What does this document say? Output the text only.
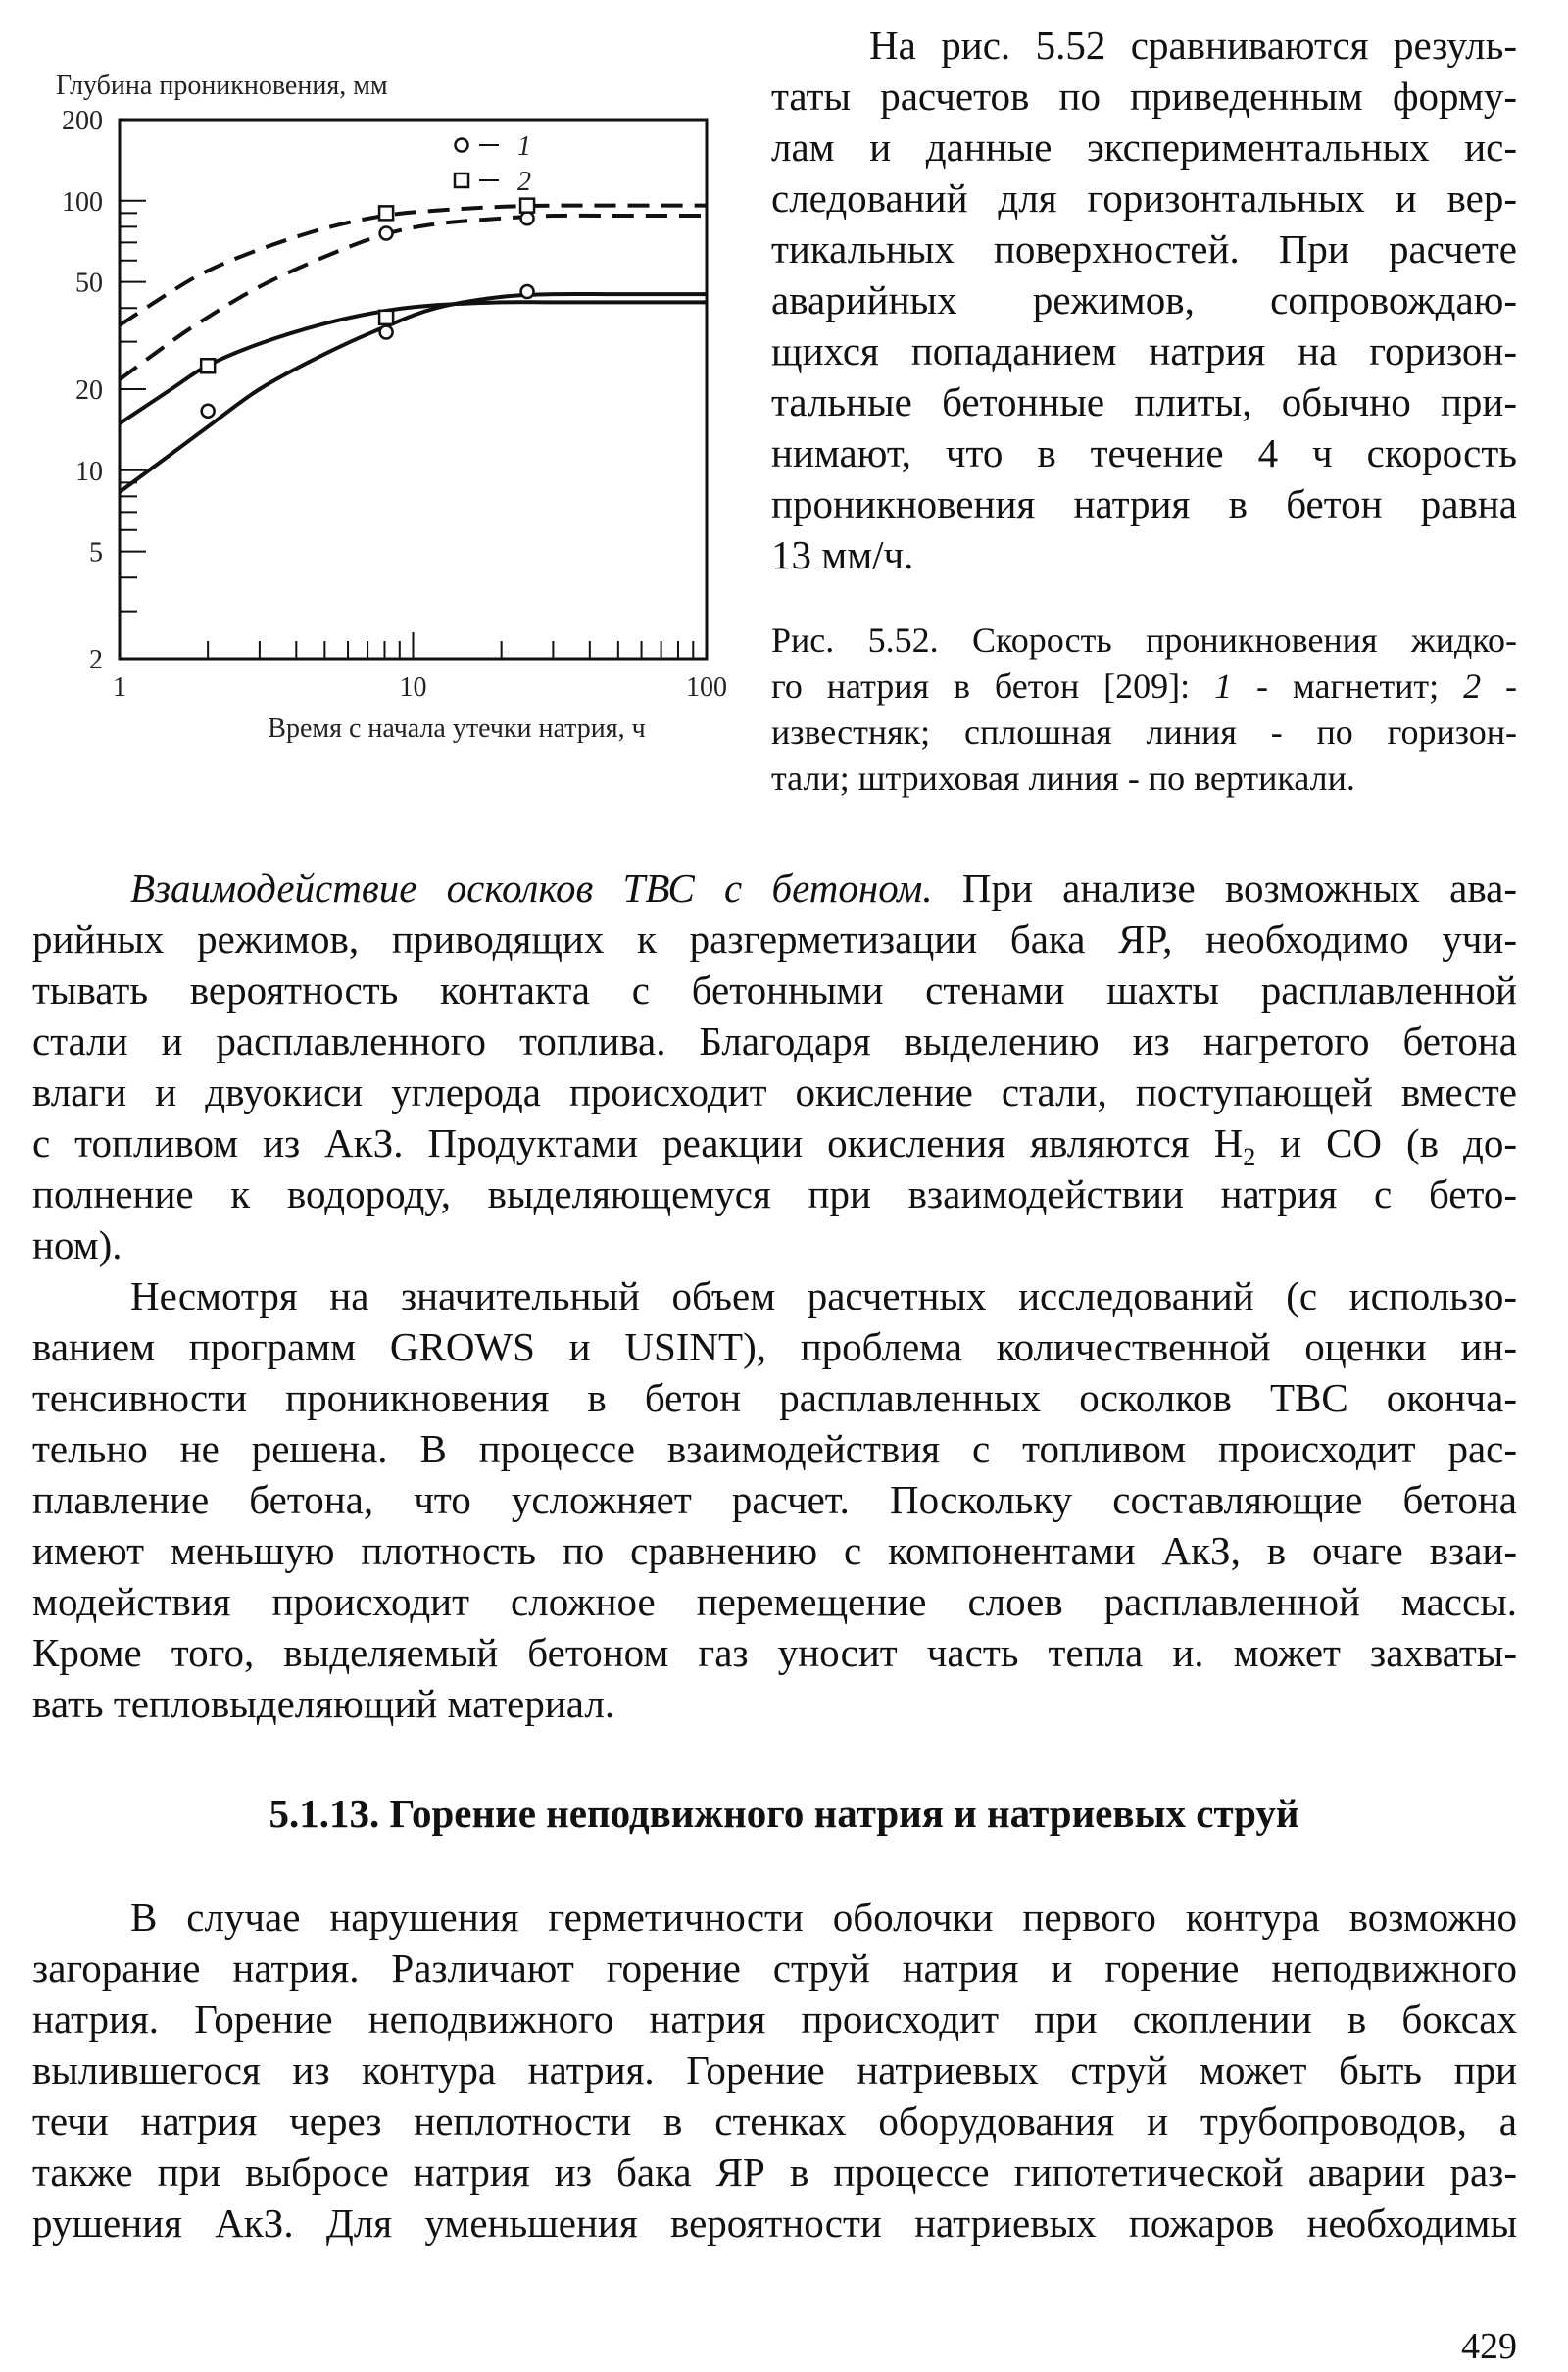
Глубина проникновения, мм
200
100
50
20
10
5
2
1	10	100
1
2
Время с начала утечки натрия, ч
На рис. 5.52 сравниваются резуль-
таты расчетов по приведенным форму-
лам и данные экспериментальных ис-
следований для горизонтальных и вер-
тикальных поверхностей. При расчете
аварийных режимов, сопровождаю-
щихся попаданием натрия на горизон-
тальные бетонные плиты, обычно при-
нимают, что в течение 4 ч скорость
проникновения натрия в бетон равна
13 мм/ч.
Рис. 5.52. Скорость проникновения жидко-
го натрия в бетон [209]: 1 - магнетит; 2 -
известняк; сплошная линия - по горизон-
тали; штриховая линия - по вертикали.
Взаимодействие осколков ТВС с бетоном. При анализе возможных ава-
рийных режимов, приводящих к разгерметизации бака ЯР, необходимо учи-
тывать вероятность контакта с бетонными стенами шахты расплавленной
стали и расплавленного топлива. Благодаря выделению из нагретого бетона
влаги и двуокиси углерода происходит окисление стали, поступающей вместе
с топливом из АкЗ. Продуктами реакции окисления являются $Н_2$ и СО (в до-
полнение к водороду, выделяющемуся при взаимодействии натрия с бето-
ном).
Несмотря на значительный объем расчетных исследований (с использо-
ванием программ GROWS и USINT), проблема количественной оценки ин-
тенсивности проникновения в бетон расплавленных осколков ТВС оконча-
тельно не решена. В процессе взаимодействия с топливом происходит рас-
плавление бетона, что усложняет расчет. Поскольку составляющие бетона
имеют меньшую плотность по сравнению с компонентами АкЗ, в очаге взаи-
модействия происходит сложное перемещение слоев расплавленной массы.
Кроме того, выделяемый бетоном газ уносит часть тепла и. может захваты-
вать тепловыделяющий материал.
5.1.13. Горение неподвижного натрия и натриевых струй
В случае нарушения герметичности оболочки первого контура возможно
загорание натрия. Различают горение струй натрия и горение неподвижного
натрия. Горение неподвижного натрия происходит при скоплении в боксах
вылившегося из контура натрия. Горение натриевых струй может быть при
течи натрия через неплотности в стенках оборудования и трубопроводов, а
также при выбросе натрия из бака ЯР в процессе гипотетической аварии раз-
рушения АкЗ. Для уменьшения вероятности натриевых пожаров необходимы
429
